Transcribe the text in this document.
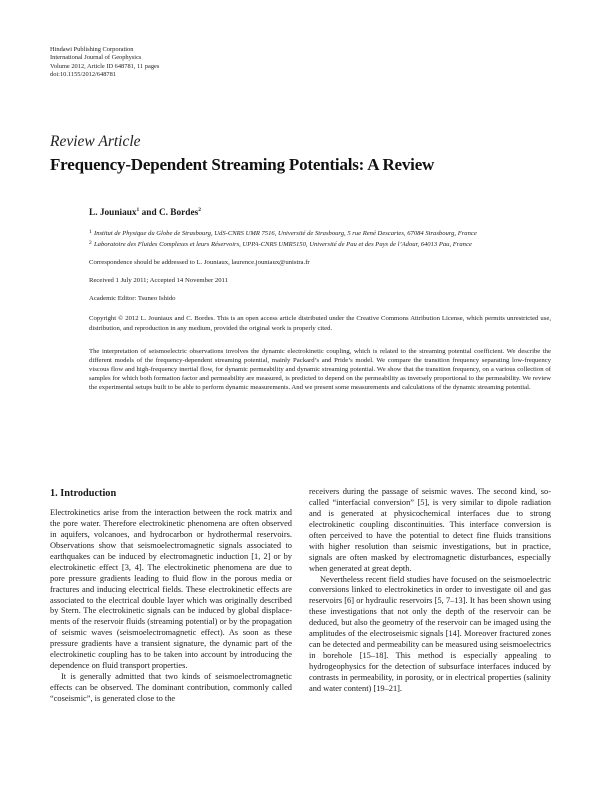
Hindawi Publishing Corporation
International Journal of Geophysics
Volume 2012, Article ID 648781, 11 pages
doi:10.1155/2012/648781
Review Article
Frequency-Dependent Streaming Potentials: A Review
L. Jouniaux$^1$ and C. Bordes$^2$
1 Institut de Physique du Globe de Strasbourg, UdS-CNRS UMR 7516, Université de Strasbourg, 5 rue René Descartes, 67084 Strasbourg, France
2 Laboratoire des Fluides Complexes et leurs Réservoirs, UPPA-CNRS UMR5150, Université de Pau et des Pays de l’Adour, 64013 Pau, France
Correspondence should be addressed to L. Jouniaux, laurence.jouniaux@unistra.fr
Received 1 July 2011; Accepted 14 November 2011
Academic Editor: Tsuneo Ishido
Copyright © 2012 L. Jouniaux and C. Bordes. This is an open access article distributed under the Creative Commons Attribution License, which permits unrestricted use, distribution, and reproduction in any medium, provided the original work is properly cited.
The interpretation of seismoelectric observations involves the dynamic electrokinetic coupling, which is related to the streaming potential coefficient. We describe the different models of the frequency-dependent streaming potential, mainly Packard’s and Pride’s model. We compare the transition frequency separating low-frequency viscous flow and high-frequency inertial flow, for dynamic permeability and dynamic streaming potential. We show that the transition frequency, on a various collection of samples for which both formation factor and permeability are measured, is predicted to depend on the permeability as inversely proportional to the permeability. We review the experimental setups built to be able to perform dynamic measurements. And we present some measurements and calculations of the dynamic streaming potential.
1. Introduction

Electrokinetics arise from the interaction between the rock matrix and the pore water. Therefore electrokinetic phenomena are often observed in aquifers, volcanoes, and hydrocarbon or hydrothermal reservoirs. Observations show that seismoelectromagnetic signals associated to earthquakes can be induced by electromagnetic induction [1, 2] or by electrokinetic effect [3, 4]. The electrokinetic phenomena are due to pore pressure gradients leading to fluid flow in the porous media or fractures and inducing electrical fields. These electrokinetic effects are associated to the electrical double layer which was originally described by Stern. The electrokinetic signals can be induced by global displacements of the reservoir fluids (streaming potential) or by the propagation of seismic waves (seismoelectromagnetic effect). As soon as these pressure gradients have a transient signature, the dynamic part of the electrokinetic coupling has to be taken into account by introducing the dependence on fluid transport properties.

It is generally admitted that two kinds of seismoelectromagnetic effects can be observed. The dominant contribution, commonly called “coseismic”, is generated close to the

receivers during the passage of seismic waves. The second kind, so-called “interfacial conversion” [5], is very similar to dipole radiation and is generated at physicochemical interfaces due to strong electrokinetic coupling discontinuities. This interface conversion is often perceived to have the potential to detect fine fluids transitions with higher resolution than seismic investigations, but in practice, signals are often masked by electromagnetic disturbances, especially when generated at great depth.

Nevertheless recent field studies have focused on the seismoelectric conversions linked to electrokinetics in order to investigate oil and gas reservoirs [6] or hydraulic reservoirs [5, 7–13]. It has been shown using these investigations that not only the depth of the reservoir can be deduced, but also the geometry of the reservoir can be imaged using the amplitudes of the electroseismic signals [14]. Moreover fractured zones can be detected and permeability can be measured using seismoelectrics in borehole [15–18]. This method is especially appealing to hydrogeophysics for the detection of subsurface interfaces induced by contrasts in permeability, in porosity, or in electrical properties (salinity and water content) [19–21].
